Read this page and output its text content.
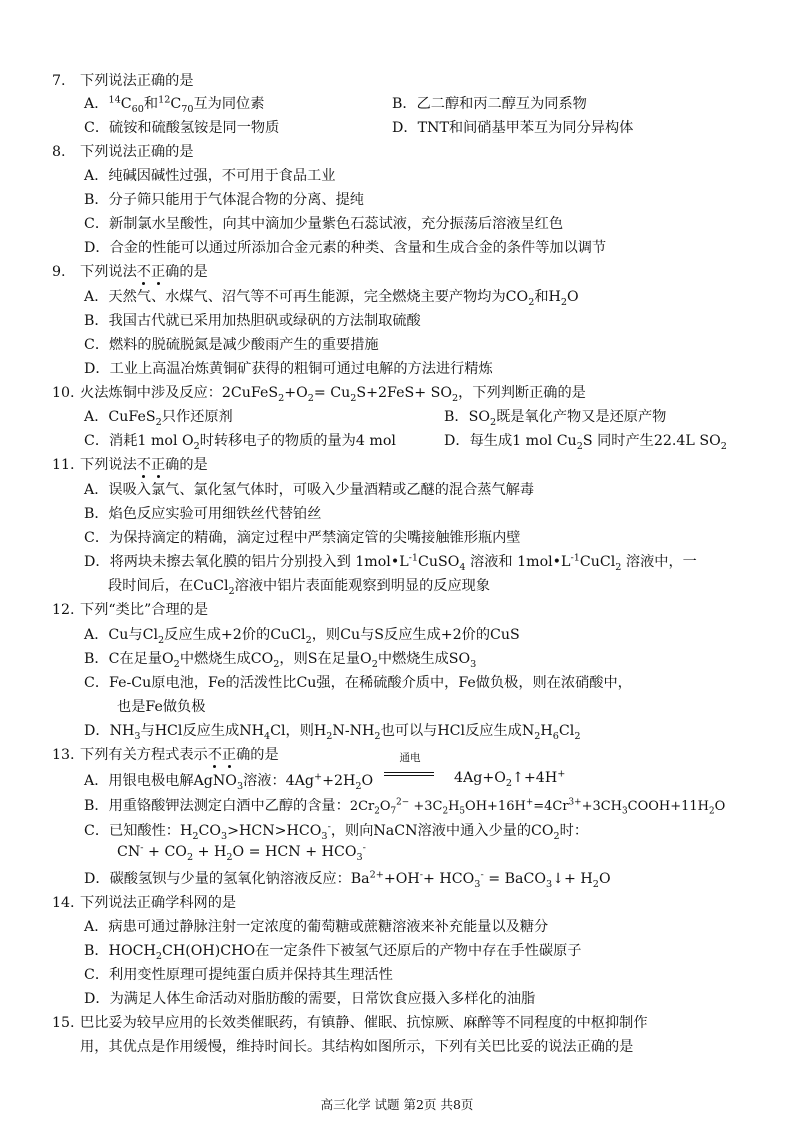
7. 下列说法正确的是
A．$^{14}C_{60}$和$^{12}C_{70}$互为同位素	B．乙二醇和丙二醇互为同系物
C．硫铵和硫酸氢铵是同一物质	D．TNT和间硝基甲苯互为同分异构体
8. 下列说法正确的是
A．纯碱因碱性过强，不可用于食品工业
B．分子筛只能用于气体混合物的分离、提纯
C．新制氯水呈酸性，向其中滴加少量紫色石蕊试液，充分振荡后溶液呈红色
D．合金的性能可以通过所添加合金元素的种类、含量和生成合金的条件等加以调节
9. 下列说法不正确的是
A．天然气、水煤气、沼气等不可再生能源，完全燃烧主要产物均为$CO_2$和$H_2O$
B．我国古代就已采用加热胆矾或绿矾的方法制取硫酸
C．燃料的脱硫脱氮是减少酸雨产生的重要措施
D．工业上高温冶炼黄铜矿获得的粗铜可通过电解的方法进行精炼
10. 火法炼铜中涉及反应：$2CuFeS_2+O_2= Cu_2S+2FeS+ SO_2$，下列判断正确的是
A．CuFeS$_2$只作还原剂	B．$SO_2$既是氧化产物又是还原产物
C．消耗1 mol $O_2$时转移电子的物质的量为4 mol	D．每生成1 mol $Cu_2S$ 同时产生22.4L $SO_2$
11. 下列说法不正确的是
A．误吸入氯气、氯化氢气体时，可吸入少量酒精或乙醚的混合蒸气解毒
B．焰色反应实验可用细铁丝代替铂丝
C．为保持滴定的精确，滴定过程中严禁滴定管的尖嘴接触锥形瓶内壁
D．将两块未擦去氧化膜的铝片分别投入到 $1mol•L^{-1}CuSO_4$ 溶液和 $1mol•L^{-1}CuCl_2$ 溶液中，一
段时间后，在CuCl$_2$溶液中铝片表面能观察到明显的反应现象
12. 下列“类比”合理的是
A．Cu与$Cl_2$反应生成+2价的CuCl$_2$，则Cu与S反应生成+2价的CuS
B．C在足量$O_2$中燃烧生成$CO_2$，则S在足量$O_2$中燃烧生成$SO_3$
C．Fe-Cu原电池，Fe的活泼性比Cu强，在稀硫酸介质中，Fe做负极，则在浓硝酸中，
也是Fe做负极
D．$NH_3$与HCl反应生成$NH_4Cl$，则$H_2N-NH_2$也可以与HCl反应生成$N_2H_6Cl_2$
13. 下列有关方程式表示不正确的是
A．用银电极电解AgNO$_3$溶液：$4Ag^++2H_2O$
$^{通电}$
$4Ag+O_2↑+4H^+$
B．用重铬酸钾法测定白酒中乙醇的含量：$2Cr_2O_7^{2-}$ $+3C_2H_5OH+16H^+=4Cr^{3+}+3CH_3COOH+11H_2O$
C．已知酸性：$H_2CO_3>HCN>HCO_3^-$，则向NaCN溶液中通入少量的$CO_2$时：
$CN^- + CO_2 + H_2O$ = HCN + $HCO_3^-$
D．碳酸氢钡与少量的氢氧化钠溶液反应：$Ba^{2+}+OH^-+ HCO_3^-$ = BaCO$_3$↓+ $H_2O$
14. 下列说法正确学科网的是
A．病患可通过静脉注射一定浓度的葡萄糖或蔗糖溶液来补充能量以及糖分
B．$HOCH_2CH(OH)CHO$在一定条件下被氢气还原后的产物中存在手性碳原子
C．利用变性原理可提纯蛋白质并保持其生理活性
D．为满足人体生命活动对脂肪酸的需要，日常饮食应摄入多样化的油脂
15. 巴比妥为较早应用的长效类催眠药，有镇静、催眠、抗惊厥、麻醉等不同程度的中枢抑制作
用，其优点是作用缓慢，维持时间长。其结构如图所示，下列有关巴比妥的说法正确的是
高三化学 试题 第2页 共8页
